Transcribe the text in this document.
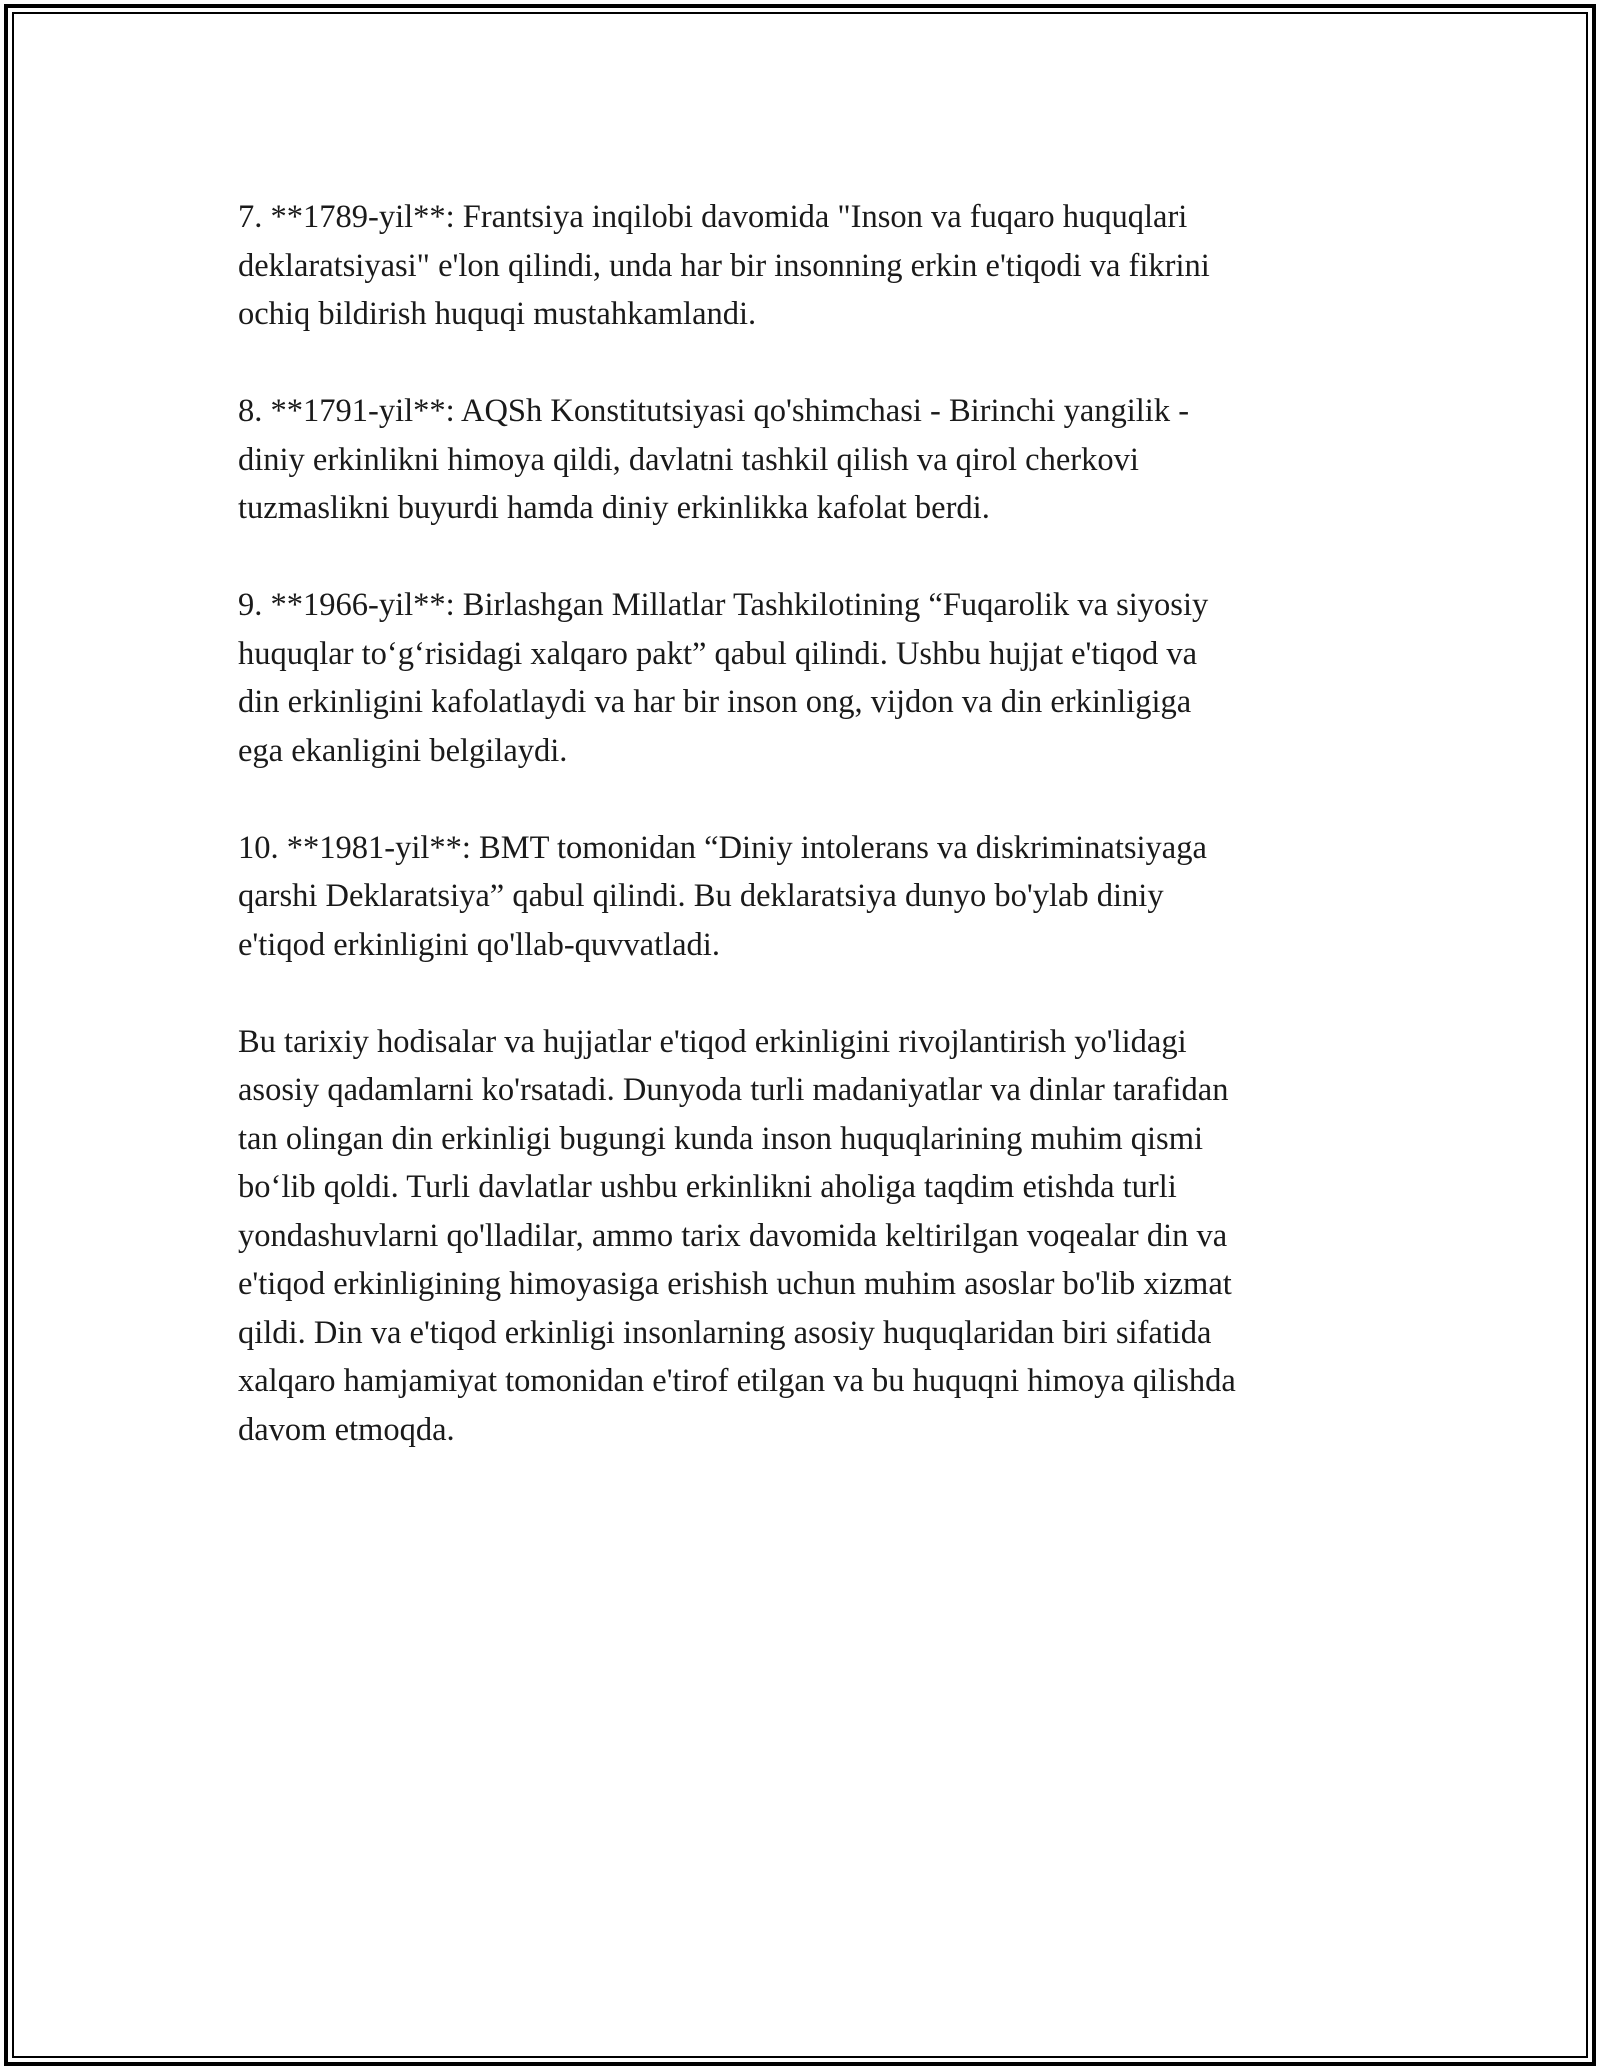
7. **1789-yil**: Frantsiya inqilobi davomida "Inson va fuqaro huquqlari
deklaratsiyasi" e'lon qilindi, unda har bir insonning erkin e'tiqodi va fikrini
ochiq bildirish huquqi mustahkamlandi.

8. **1791-yil**: AQSh Konstitutsiyasi qo'shimchasi - Birinchi yangilik -
diniy erkinlikni himoya qildi, davlatni tashkil qilish va qirol cherkovi
tuzmaslikni buyurdi hamda diniy erkinlikka kafolat berdi.

9. **1966-yil**: Birlashgan Millatlar Tashkilotining “Fuqarolik va siyosiy
huquqlar to‘g‘risidagi xalqaro pakt” qabul qilindi. Ushbu hujjat e'tiqod va
din erkinligini kafolatlaydi va har bir inson ong, vijdon va din erkinligiga
ega ekanligini belgilaydi.

10. **1981-yil**: BMT tomonidan “Diniy intolerans va diskriminatsiyaga
qarshi Deklaratsiya” qabul qilindi. Bu deklaratsiya dunyo bo'ylab diniy
e'tiqod erkinligini qo'llab-quvvatladi.

Bu tarixiy hodisalar va hujjatlar e'tiqod erkinligini rivojlantirish yo'lidagi
asosiy qadamlarni ko'rsatadi. Dunyoda turli madaniyatlar va dinlar tarafidan
tan olingan din erkinligi bugungi kunda inson huquqlarining muhim qismi
bo‘lib qoldi. Turli davlatlar ushbu erkinlikni aholiga taqdim etishda turli
yondashuvlarni qo'lladilar, ammo tarix davomida keltirilgan voqealar din va
e'tiqod erkinligining himoyasiga erishish uchun muhim asoslar bo'lib xizmat
qildi. Din va e'tiqod erkinligi insonlarning asosiy huquqlaridan biri sifatida
xalqaro hamjamiyat tomonidan e'tirof etilgan va bu huquqni himoya qilishda
davom etmoqda.
